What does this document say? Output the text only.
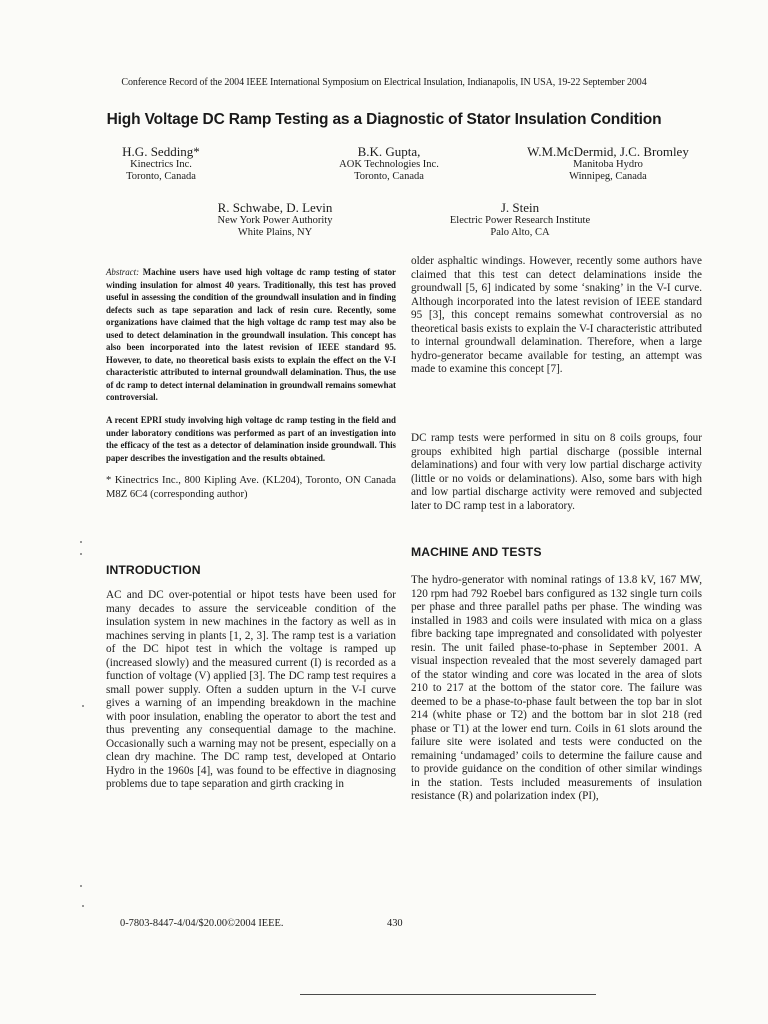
Conference Record of the 2004 IEEE International Symposium on Electrical Insulation, Indianapolis, IN USA, 19-22 September 2004
High Voltage DC Ramp Testing as a Diagnostic of Stator Insulation Condition
H.G. Sedding*
Kinectrics Inc.
Toronto, Canada
B.K. Gupta,
AOK Technologies Inc.
Toronto, Canada
W.M.McDermid, J.C. Bromley
Manitoba Hydro
Winnipeg, Canada
R. Schwabe, D. Levin
New York Power Authority
White Plains, NY
J. Stein
Electric Power Research Institute
Palo Alto, CA
Abstract: Machine users have used high voltage dc ramp testing of stator winding insulation for almost 40 years. Traditionally, this test has proved useful in assessing the condition of the groundwall insulation and in finding defects such as tape separation and lack of resin cure. Recently, some organizations have claimed that the high voltage dc ramp test may also be used to detect delamination in the groundwall insulation. This concept has also been incorporated into the latest revision of IEEE standard 95. However, to date, no theoretical basis exists to explain the effect on the V-I characteristic attributed to internal groundwall delamination. Thus, the use of dc ramp to detect internal delamination in groundwall remains somewhat controversial.
A recent EPRI study involving high voltage dc ramp testing in the field and under laboratory conditions was performed as part of an investigation into the efficacy of the test as a detector of delamination inside groundwall. This paper describes the investigation and the results obtained.
* Kinectrics Inc., 800 Kipling Ave. (KL204), Toronto, ON Canada M8Z 6C4 (corresponding author)
INTRODUCTION
AC and DC over-potential or hipot tests have been used for many decades to assure the serviceable condition of the insulation system in new machines in the factory as well as in machines serving in plants [1, 2, 3]. The ramp test is a variation of the DC hipot test in which the voltage is ramped up (increased slowly) and the measured current (I) is recorded as a function of voltage (V) applied [3]. The DC ramp test requires a small power supply. Often a sudden upturn in the V-I curve gives a warning of an impending breakdown in the machine with poor insulation, enabling the operator to abort the test and thus preventing any consequential damage to the machine. Occasionally such a warning may not be present, especially on a clean dry machine. The DC ramp test, developed at Ontario Hydro in the 1960s [4], was found to be effective in diagnosing problems due to tape separation and girth cracking in
older asphaltic windings. However, recently some authors have claimed that this test can detect delaminations inside the groundwall [5, 6] indicated by some ‘snaking’ in the V-I curve. Although incorporated into the latest revision of IEEE standard 95 [3], this concept remains somewhat controversial as no theoretical basis exists to explain the V-I characteristic attributed to internal groundwall delamination. Therefore, when a large hydro-generator became available for testing, an attempt was made to examine this concept [7].
DC ramp tests were performed in situ on 8 coils groups, four groups exhibited high partial discharge (possible internal delaminations) and four with very low partial discharge activity (little or no voids or delaminations). Also, some bars with high and low partial discharge activity were removed and subjected later to DC ramp test in a laboratory.
MACHINE AND TESTS
The hydro-generator with nominal ratings of 13.8 kV, 167 MW, 120 rpm had 792 Roebel bars configured as 132 single turn coils per phase and three parallel paths per phase. The winding was installed in 1983 and coils were insulated with mica on a glass fibre backing tape impregnated and consolidated with polyester resin. The unit failed phase-to-phase in September 2001. A visual inspection revealed that the most severely damaged part of the stator winding and core was located in the area of slots 210 to 217 at the bottom of the stator core. The failure was deemed to be a phase-to-phase fault between the top bar in slot 214 (white phase or T2) and the bottom bar in slot 218 (red phase or T1) at the lower end turn. Coils in 61 slots around the failure site were isolated and tests were conducted on the remaining ‘undamaged’ coils to determine the failure cause and to provide guidance on the condition of other similar windings in the station. Tests included measurements of insulation resistance (R) and polarization index (PI),
0-7803-8447-4/04/$20.00©2004 IEEE.	430
